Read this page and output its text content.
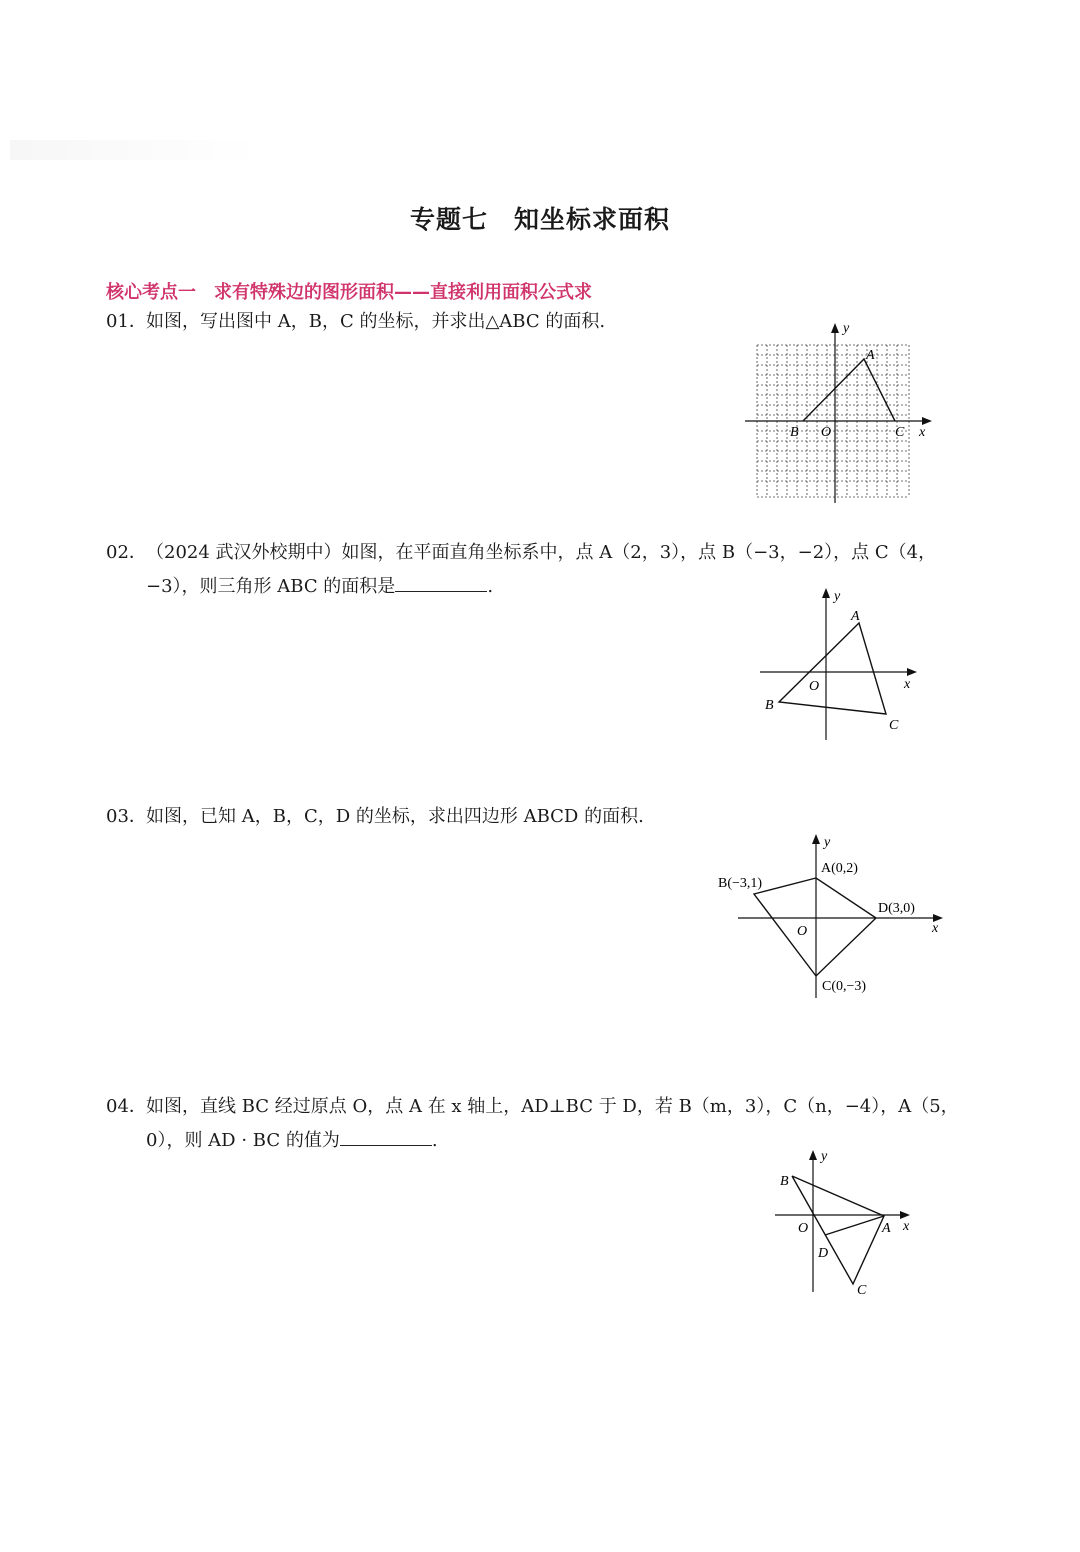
专题七　知坐标求面积
核心考点一　求有特殊边的图形面积——直接利用面积公式求
01．如图，写出图中 A，B，C 的坐标，并求出△ABC 的面积.	y
x
A
B O	C
02．（2024 武汉外校期中）如图，在平面直角坐标系中，点 A（2，3），点 B（−3，−2），点 C（4，
−3），则三角形 ABC 的面积是	.	y
x
A
B
O
C
03．如图，已知 A，B，C，D 的坐标，求出四边形 ABCD 的面积.
y
x
A(0,2)
B(−3,1)
D(3,0)
C(0,−3)
O
04．如图，直线 BC 经过原点 O，点 A 在 x 轴上，AD⊥BC 于 D，若 B（m，3），C（n，−4），A（5，
0），则 AD · BC 的值为	.
y
x
B
O	A
D
C
